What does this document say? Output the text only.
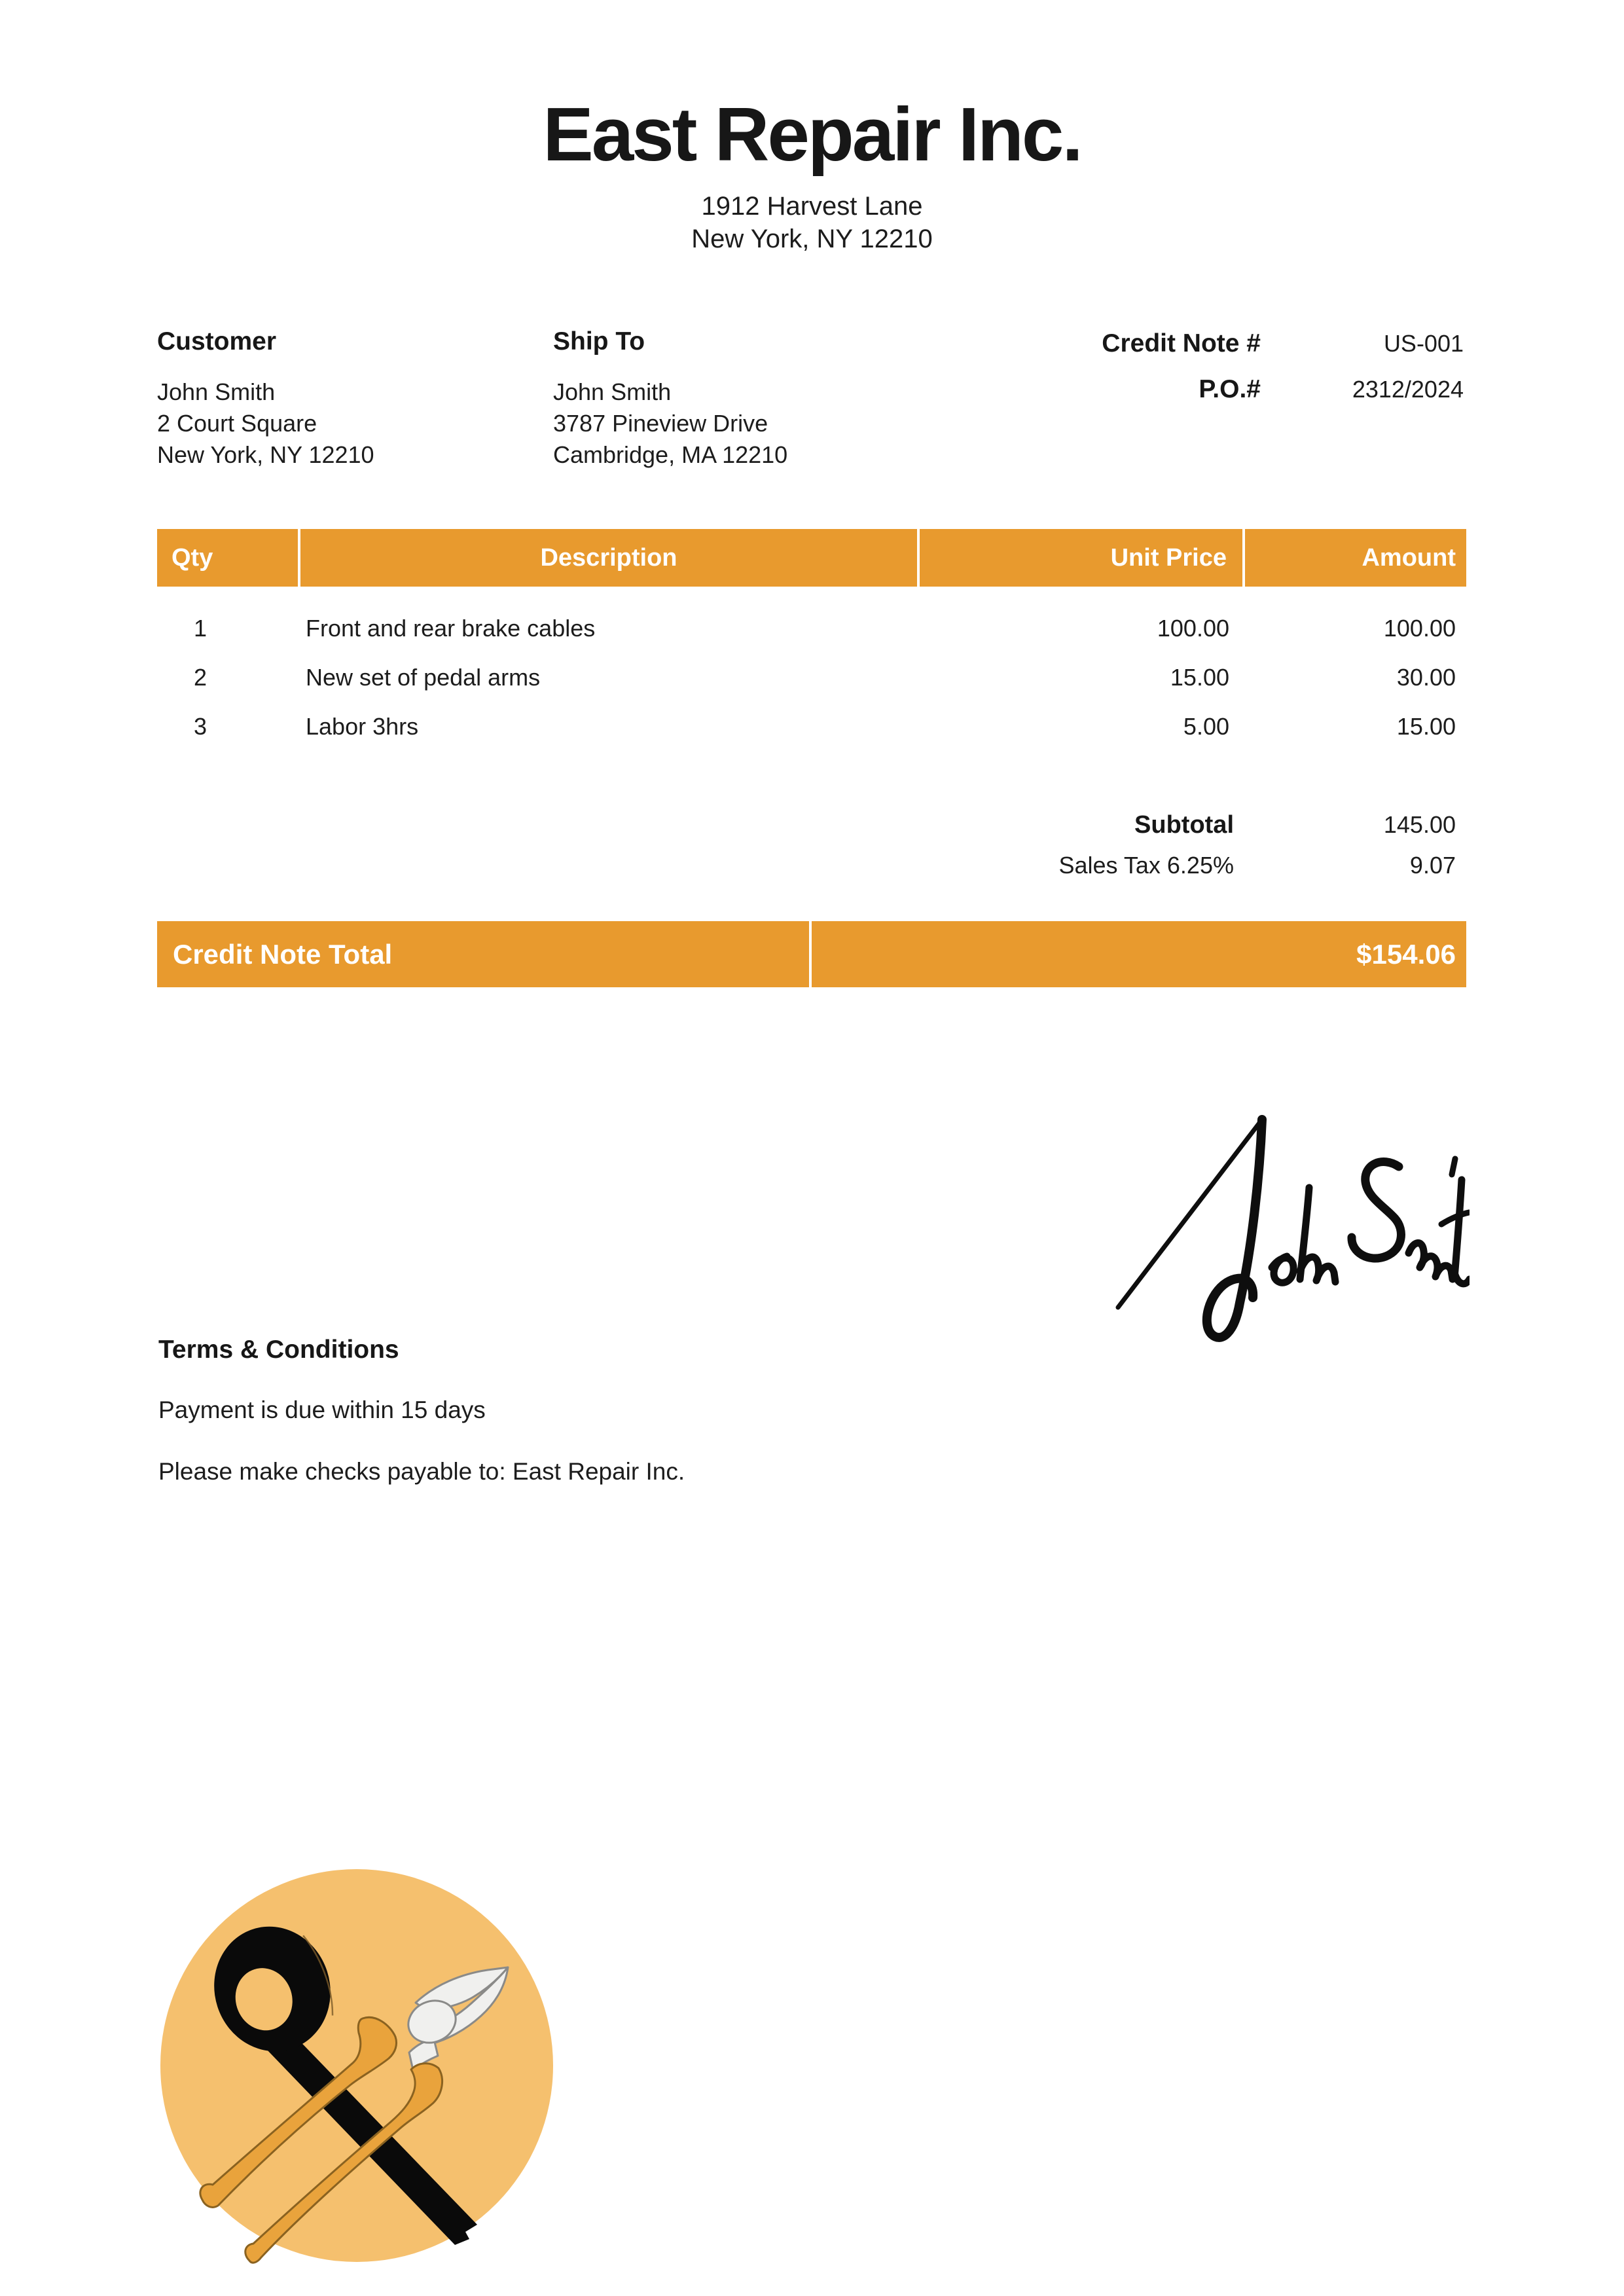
East Repair Inc.
1912 Harvest Lane
New York, NY 12210
Customer
John Smith
2 Court Square
New York, NY 12210
Ship To
John Smith
3787 Pineview Drive
Cambridge, MA 12210
Credit Note #	US-001
P.O.#	2312/2024
Qty	Description	Unit Price	Amount
1	Front and rear brake cables	100.00	100.00
2	New set of pedal arms	15.00	30.00
3	Labor 3hrs	5.00	15.00
Subtotal	145.00
Sales Tax 6.25%	9.07
Credit Note Total	$154.06
Terms & Conditions
Payment is due within 15 days
Please make checks payable to: East Repair Inc.
